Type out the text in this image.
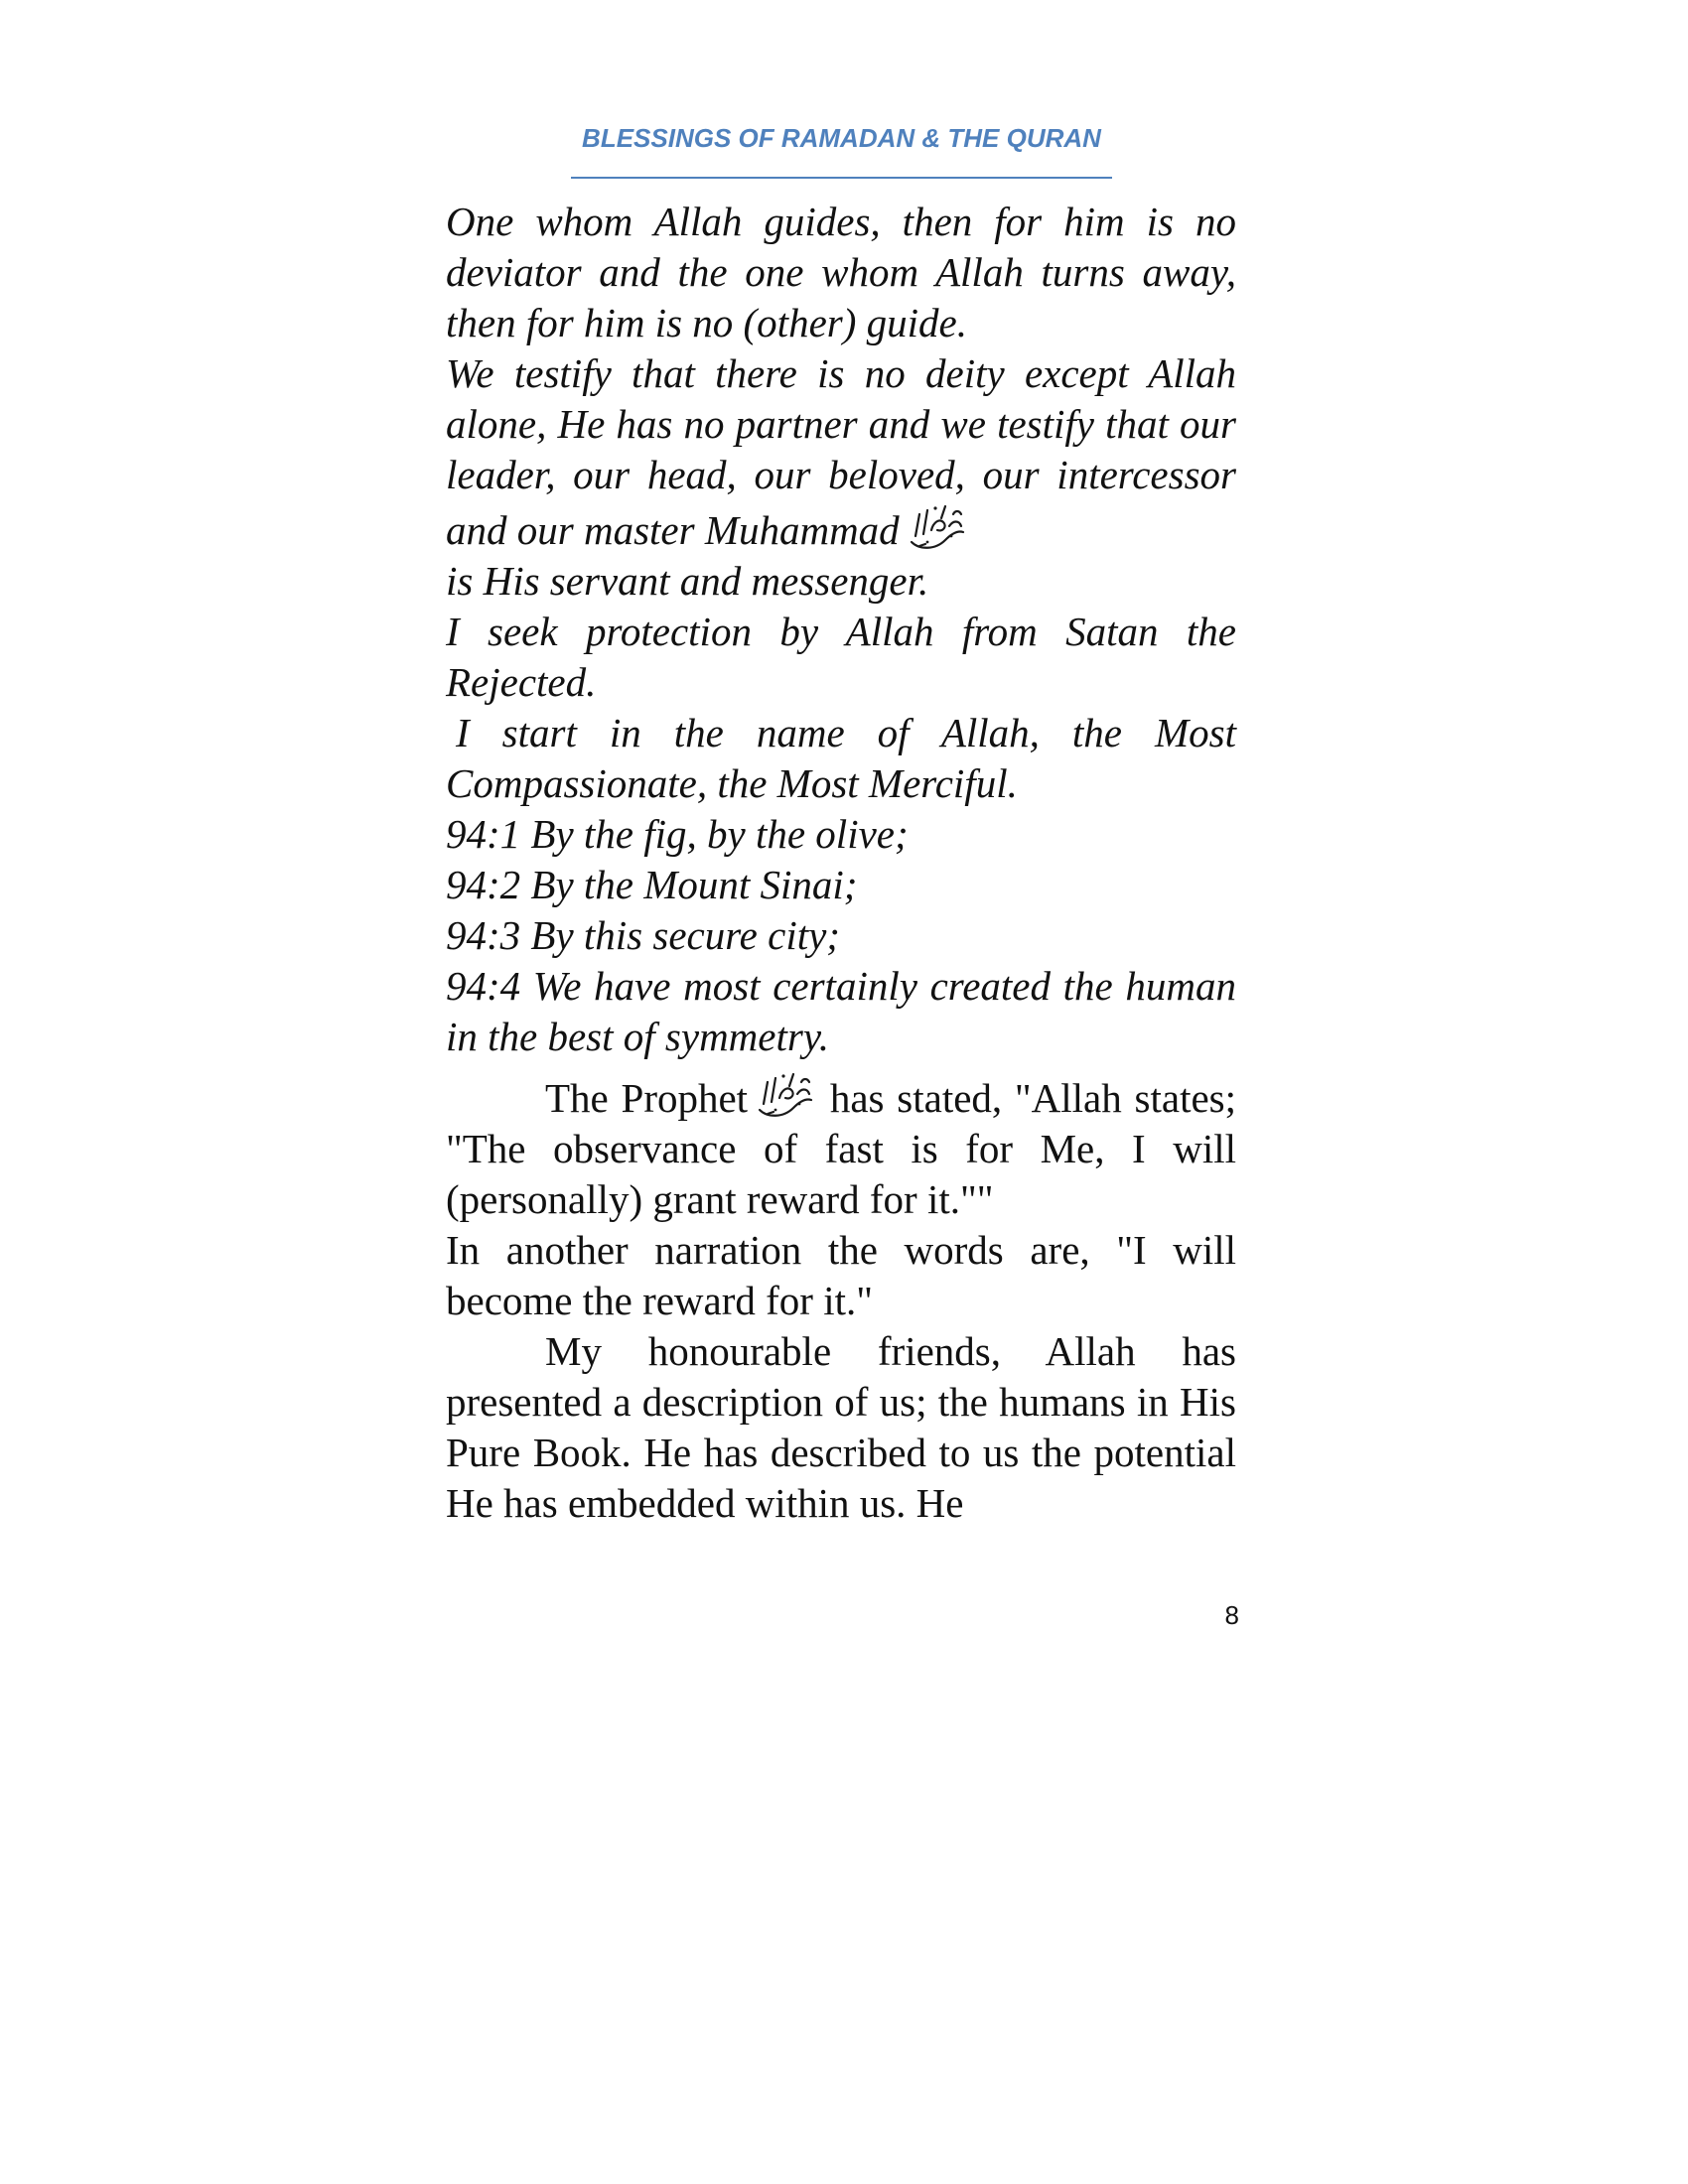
BLESSINGS OF RAMADAN & THE QURAN

One whom Allah guides, then for him is no deviator and the one whom Allah turns away, then for him is no (other) guide.

We testify that there is no deity except Allah alone, He has no partner and we testify that our leader, our head, our beloved, our intercessor and our master Muhammad

is His servant and messenger.

I seek protection by Allah from Satan the Rejected.

I start in the name of Allah, the Most Compassionate, the Most Merciful.

94:1 By the fig, by the olive;

94:2 By the Mount Sinai;

94:3 By this secure city;

94:4 We have most certainly created the human in the best of symmetry.

The Prophet has stated, "Allah states; "The observance of fast is for Me, I will (personally) grant reward for it.""

In another narration the words are, "I will become the reward for it."

My honourable friends, Allah has presented a description of us; the humans in His Pure Book. He has described to us the potential He has embedded within us. He

8
